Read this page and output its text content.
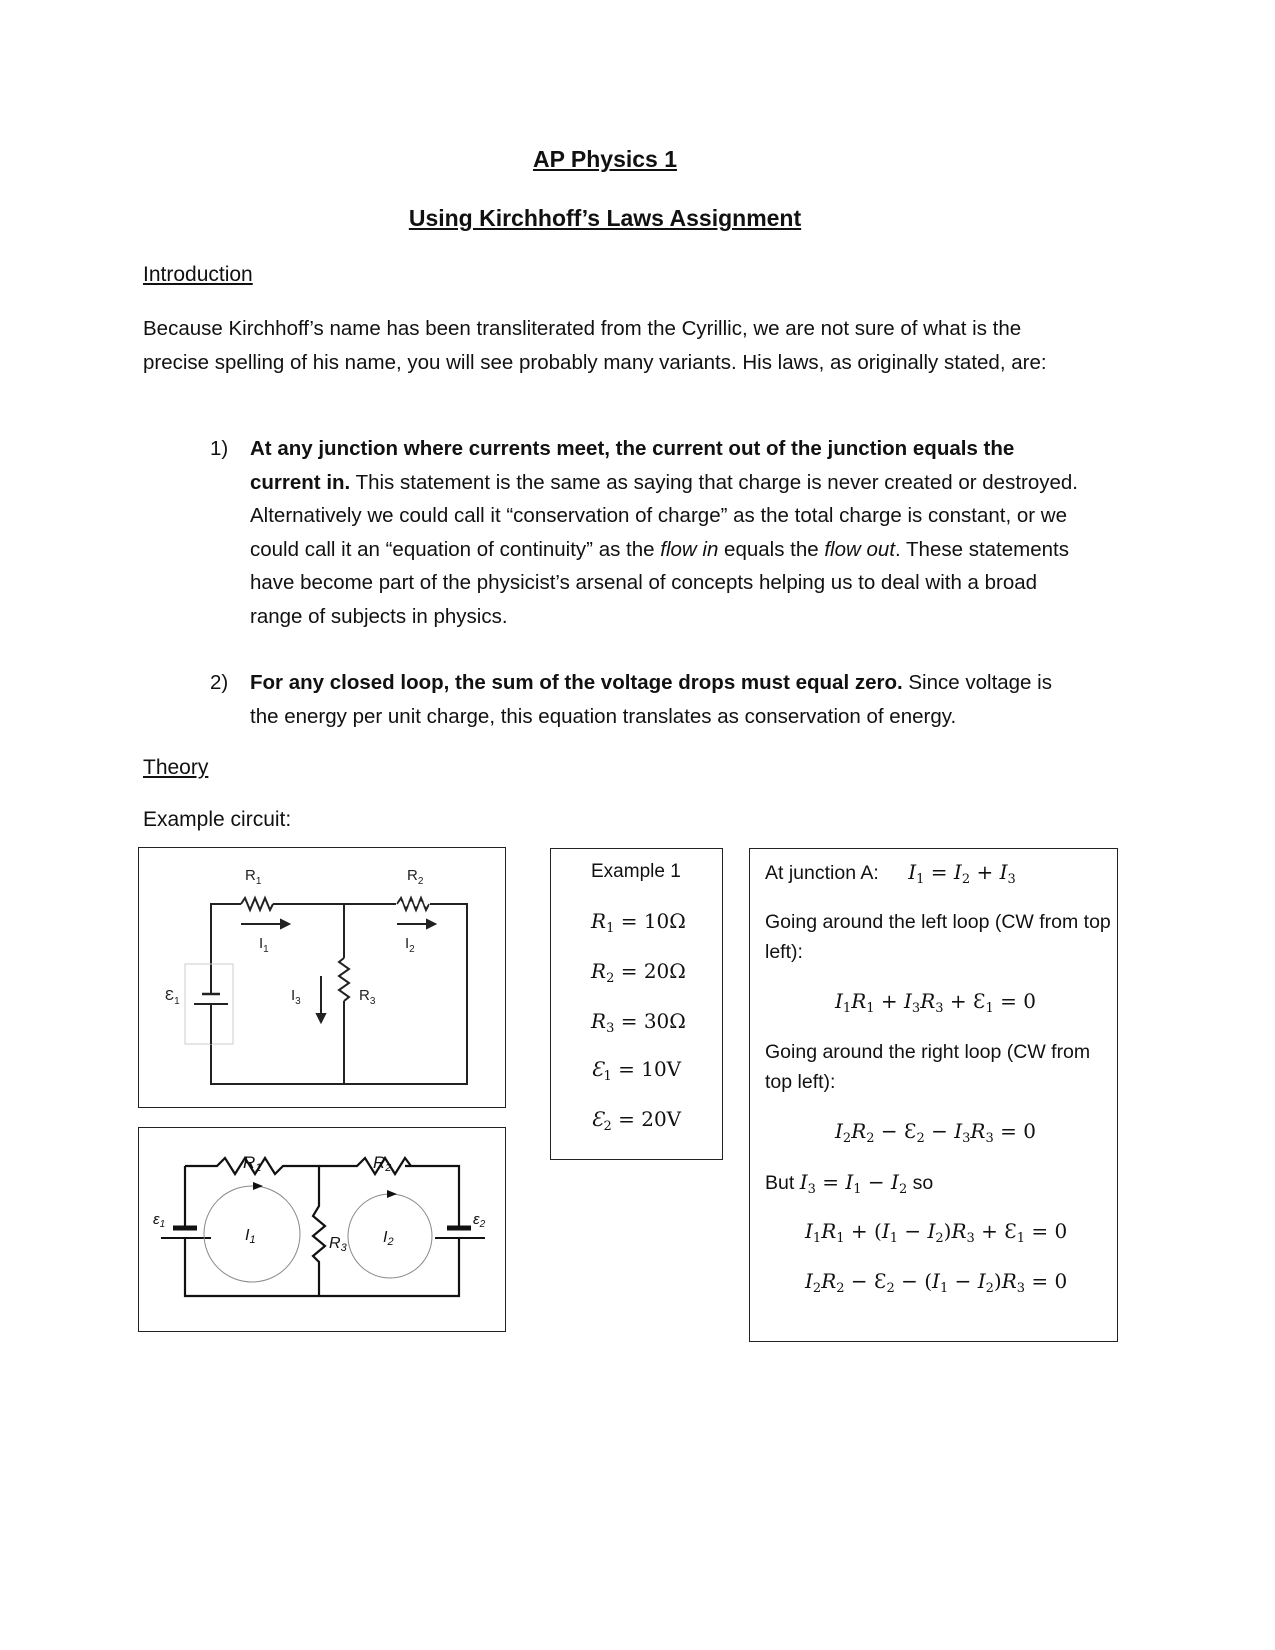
AP Physics 1
Using Kirchhoff’s Laws Assignment
Introduction
Because Kirchhoff’s name has been transliterated from the Cyrillic, we are not sure of what is the precise spelling of his name, you will see probably many variants. His laws, as originally stated, are:
1) At any junction where currents meet, the current out of the junction equals the current in. This statement is the same as saying that charge is never created or destroyed. Alternatively we could call it “conservation of charge” as the total charge is constant, or we could call it an “equation of continuity” as the flow in equals the flow out. These statements have become part of the physicist’s arsenal of concepts helping us to deal with a broad range of subjects in physics.
2) For any closed loop, the sum of the voltage drops must equal zero. Since voltage is the energy per unit charge, this equation translates as conservation of energy.
Theory
Example circuit:
$R_1$	$R_2$
$R_3$
$I_1$	$I_2$
$I_3$
$Ɛ_1$
R1	R2
R3
I1	I2
$\varepsilon_1$	$\varepsilon_2$
Example 1
$R_1 = 10\Omega$
$R_2 = 20\Omega$
$R_3 = 30\Omega$
$Ɛ_1 = 10V$
$Ɛ_2 = 20V$
At junction A: $I_1 = I_2 + I_3$
Going around the left loop (CW from top left):
$I_1R_1 + I_3R_3$ + $Ɛ_1 = 0$
Going around the right loop (CW from top left):
$I_2R_2$ − $Ɛ_2 - I_3R_3 = 0$
But $I_3 = I_1 - I_2$ so
$I_1R_1 + (I_1 - I_2)R_3$ + $Ɛ_1 = 0$
$I_2R_2$ − $Ɛ_2 - (I_1 - I_2)R_3 = 0$
